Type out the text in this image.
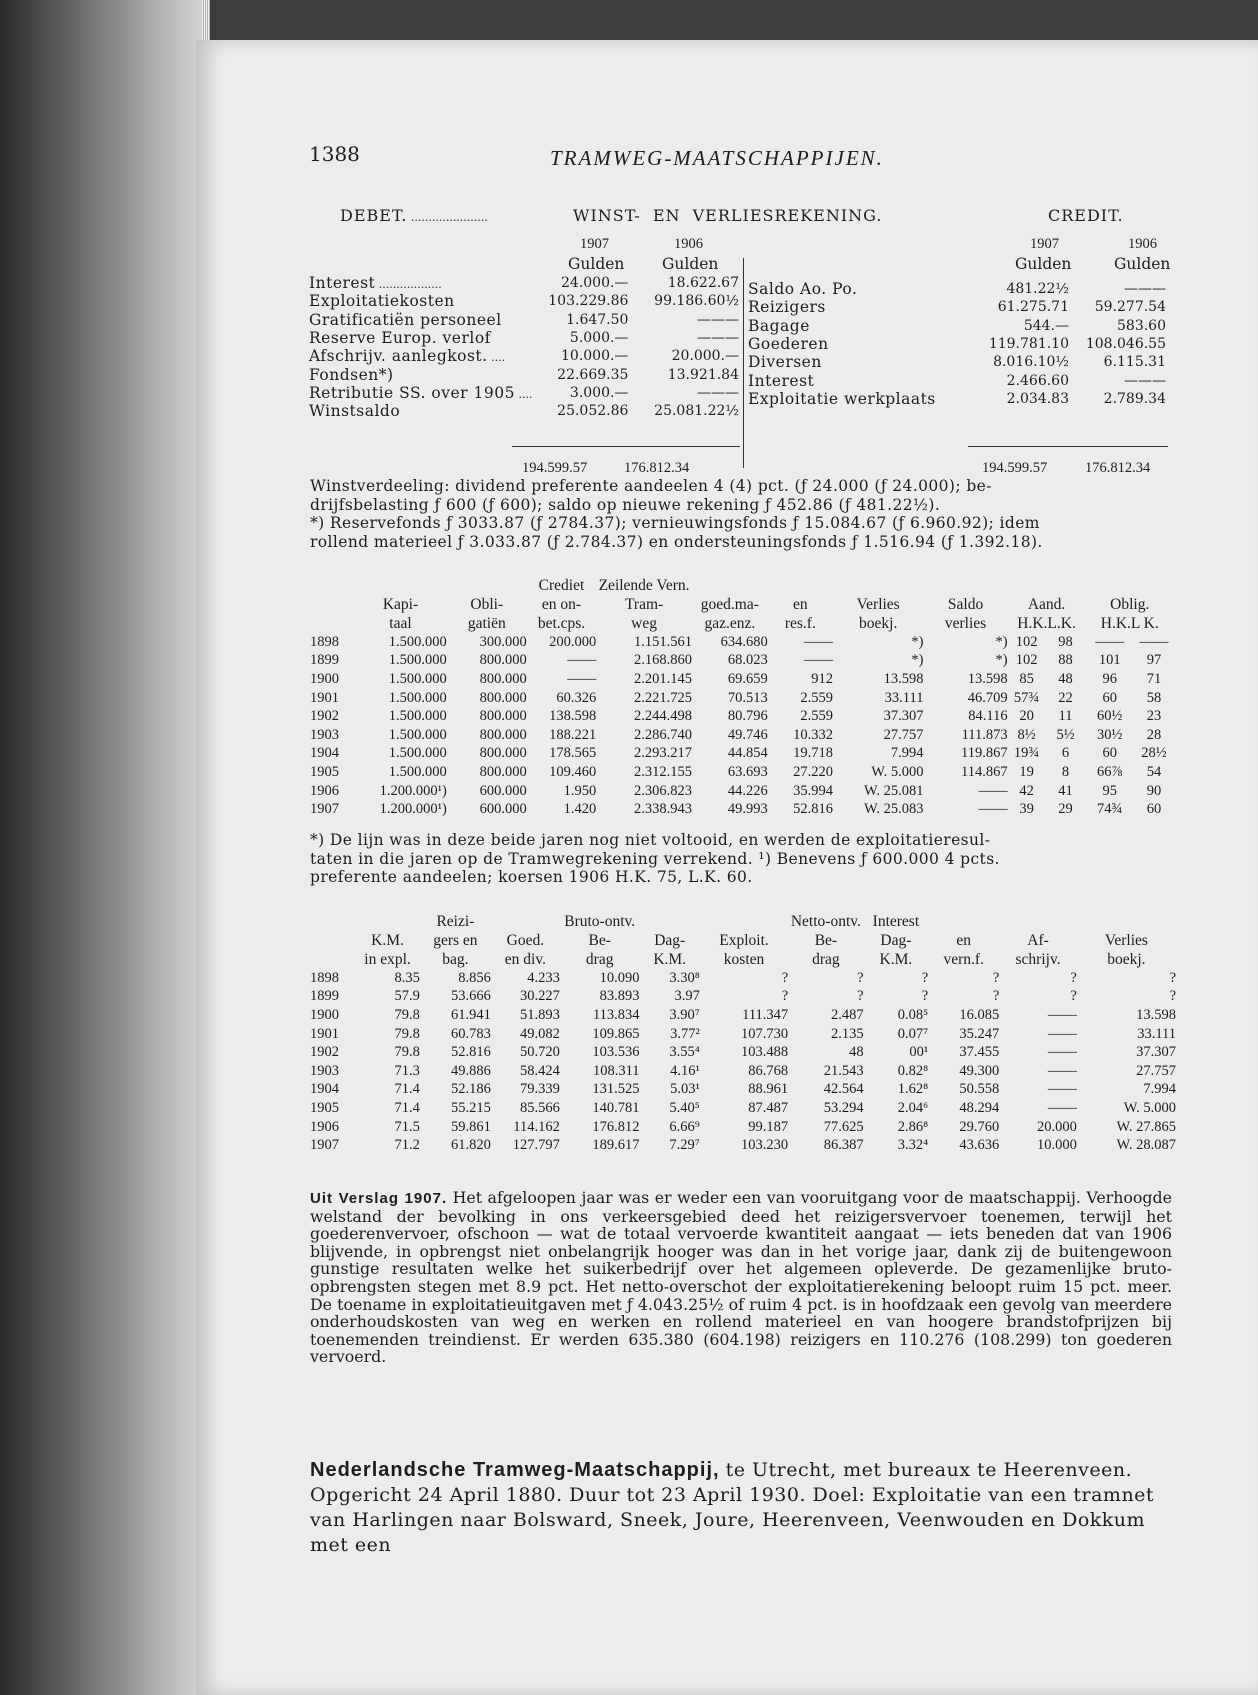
1388	TRAMWEG-MAATSCHAPPIJEN.
DEBET. ......................	WINST- EN VERLIESREKENING.	CREDIT.
1907	1906
Gulden Gulden
1907	1906
Gulden	Gulden
Interest ..................	24.000.—	18.622.67
Exploitatiekosten	103.229.86	99.186.60½
Gratificatiën personeel	1.647.50	———
Reserve Europ. verlof	5.000.—	———
Afschrijv. aanlegkost. ....	10.000.—	20.000.—
Fondsen*)	22.669.35	13.921.84
Retributie SS. over 1905 ....	3.000.—	———
Winstsaldo	25.052.86	25.081.22½
Saldo Ao. Po.	481.22½	———
Reizigers	61.275.71	59.277.54
Bagage	544.—	583.60
Goederen	119.781.10	108.046.55
Diversen	8.016.10½	6.115.31
Interest	2.466.60	———
Exploitatie werkplaats	2.034.83	2.789.34
194.599.57	176.812.34	194.599.57	176.812.34
Winstverdeeling: dividend preferente aandeelen 4 (4) pct. (ƒ 24.000 (ƒ 24.000); be-
drijfsbelasting ƒ 600 (ƒ 600); saldo op nieuwe rekening ƒ 452.86 (ƒ 481.22½).
*) Reservefonds ƒ 3033.87 (ƒ 2784.37); vernieuwingsfonds ƒ 15.084.67 (ƒ 6.960.92); idem
rollend materieel ƒ 3.033.87 (ƒ 2.784.37) en ondersteuningsfonds ƒ 1.516.94 (ƒ 1.392.18).
			Crediet	Zeilende Vern.								
	Kapi-	Obli-	en on-	Tram-	goed.ma-	en	Verlies	Saldo	Aand.		Oblig.	
	taal	gatiën	bet.cps.	weg	gaz.enz.	res.f.	boekj.	verlies	H.K.L.K.		H.K.L K.	
1898	1.500.000	300.000	200.000	1.151.561	634.680	——	*)	*)	102	98	——	——
1899	1.500.000	800.000	——	2.168.860	68.023	——	*)	*)	102	88	101	97
1900	1.500.000	800.000	——	2.201.145	69.659	912	13.598	13.598	85	48	96	71
1901	1.500.000	800.000	60.326	2.221.725	70.513	2.559	33.111	46.709	57¾	22	60	58
1902	1.500.000	800.000	138.598	2.244.498	80.796	2.559	37.307	84.116	20	11	60½	23
1903	1.500.000	800.000	188.221	2.286.740	49.746	10.332	27.757	111.873	8½	5½	30½	28
1904	1.500.000	800.000	178.565	2.293.217	44.854	19.718	7.994	119.867	19¾	6	60	28½
1905	1.500.000	800.000	109.460	2.312.155	63.693	27.220	W. 5.000	114.867	19	8	66⅞	54
1906	1.200.000¹)	600.000	1.950	2.306.823	44.226	35.994	W. 25.081	——	42	41	95	90
1907	1.200.000¹)	600.000	1.420	2.338.943	49.993	52.816	W. 25.083	——	39	29	74¾	60
*) De lijn was in deze beide jaren nog niet voltooid, en werden de exploitatieresul-
taten in die jaren op de Tramwegrekening verrekend. ¹) Benevens ƒ 600.000 4 pcts.
preferente aandeelen; koersen 1906 H.K. 75, L.K. 60.
		Reizi-		Bruto-ontv.			Netto-ontv.	Interest			
	K.M.	gers en	Goed.	Be-	Dag-	Exploit.	Be-	Dag-	en	Af-	Verlies
	in expl.	bag.	en div.	drag	K.M.	kosten	drag	K.M.	vern.f.	schrijv.	boekj.
1898	8.35	8.856	4.233	10.090	3.30⁸	?	?	?	?	?	?
1899	57.9	53.666	30.227	83.893	3.97	?	?	?	?	?	?
1900	79.8	61.941	51.893	113.834	3.90⁷	111.347	2.487	0.08⁵	16.085	——	13.598
1901	79.8	60.783	49.082	109.865	3.77²	107.730	2.135	0.07⁷	35.247	——	33.111
1902	79.8	52.816	50.720	103.536	3.55⁴	103.488	48	00¹	37.455	——	37.307
1903	71.3	49.886	58.424	108.311	4.16¹	86.768	21.543	0.82⁸	49.300	——	27.757
1904	71.4	52.186	79.339	131.525	5.03¹	88.961	42.564	1.62⁸	50.558	——	7.994
1905	71.4	55.215	85.566	140.781	5.40⁵	87.487	53.294	2.04⁶	48.294	——	W. 5.000
1906	71.5	59.861	114.162	176.812	6.66⁹	99.187	77.625	2.86⁸	29.760	20.000	W. 27.865
1907	71.2	61.820	127.797	189.617	7.29⁷	103.230	86.387	3.32⁴	43.636	10.000	W. 28.087
Uit Verslag 1907. Het afgeloopen jaar was er weder een van vooruitgang voor de maatschappij. Verhoogde welstand der bevolking in ons verkeersgebied deed het reizigersvervoer toenemen, terwijl het goederenvervoer, ofschoon — wat de totaal vervoerde kwantiteit aangaat — iets beneden dat van 1906 blijvende, in opbrengst niet onbelangrijk hooger was dan in het vorige jaar, dank zij de buitengewoon gunstige resultaten welke het suikerbedrijf over het algemeen opleverde. De gezamenlijke bruto-opbrengsten stegen met 8.9 pct. Het netto-overschot der exploitatierekening beloopt ruim 15 pct. meer. De toename in exploitatieuitgaven met ƒ 4.043.25½ of ruim 4 pct. is in hoofdzaak een gevolg van meerdere onderhoudskosten van weg en werken en rollend materieel en van hoogere brandstofprijzen bij toenemenden treindienst. Er werden 635.380 (604.198) reizigers en 110.276 (108.299) ton goederen vervoerd.
Nederlandsche Tramweg-Maatschappij, te Utrecht, met bureaux te Heerenveen. Opgericht 24 April 1880. Duur tot 23 April 1930. Doel: Exploitatie van een tramnet van Harlingen naar Bolsward, Sneek, Joure, Heerenveen, Veenwouden en Dokkum met een
